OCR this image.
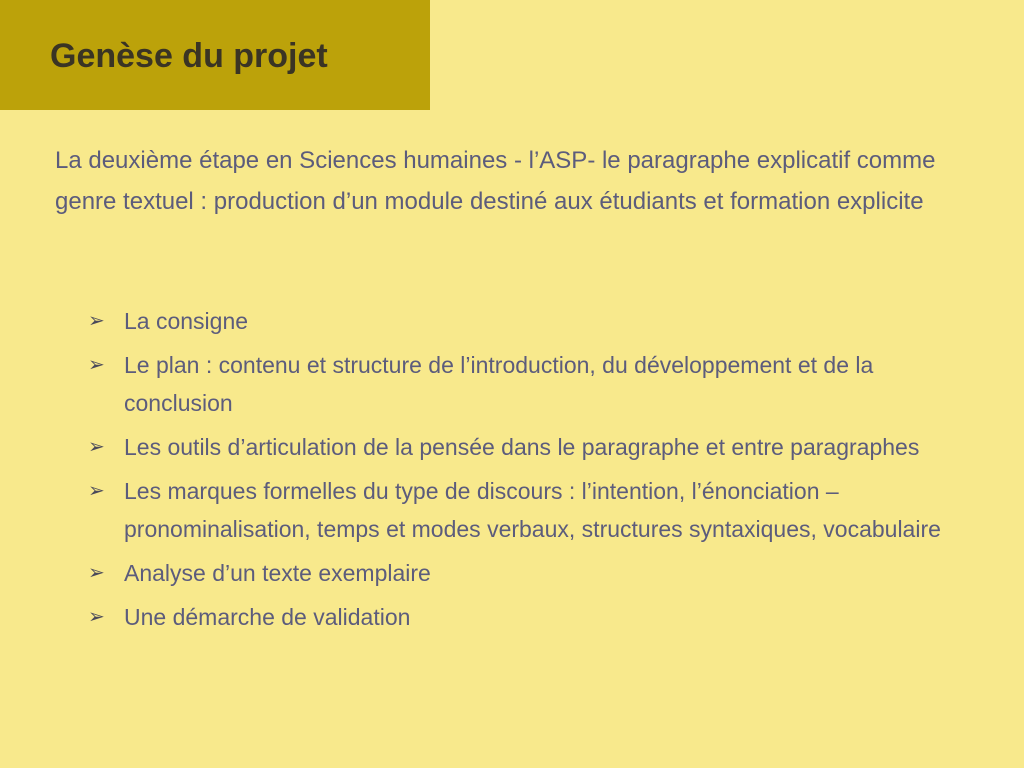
Genèse du projet

La deuxième étape en Sciences humaines - l’ASP- le paragraphe explicatif comme genre textuel : production d’un module destiné aux étudiants et formation explicite

➢ La consigne
➢ Le plan : contenu et structure de l’introduction, du développement et de la conclusion
➢ Les outils d’articulation de la pensée dans le paragraphe et entre paragraphes
➢ Les marques formelles du type de discours : l’intention, l’énonciation – pronominalisation, temps et modes verbaux, structures syntaxiques, vocabulaire
➢ Analyse d’un texte exemplaire
➢ Une démarche de validation
